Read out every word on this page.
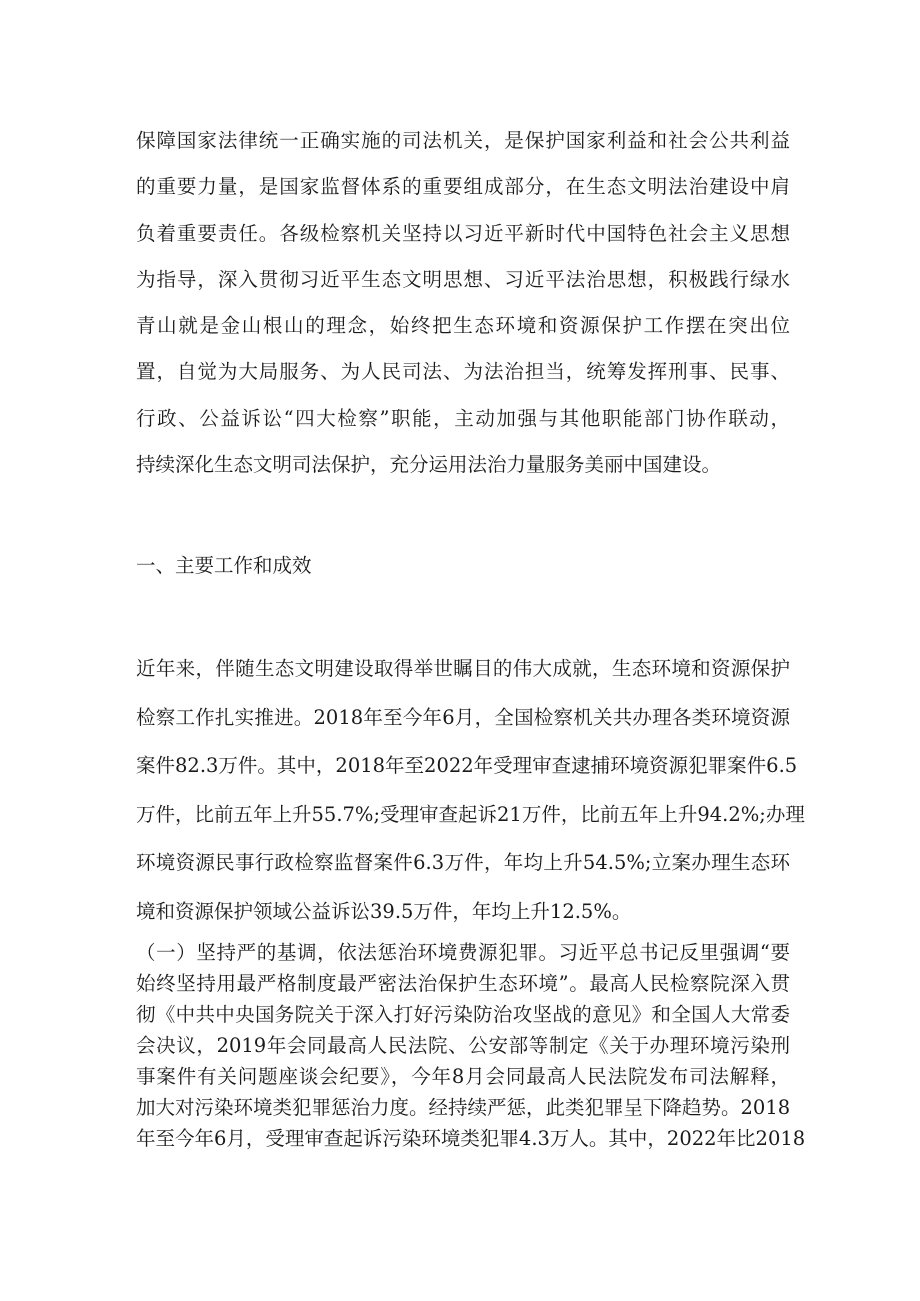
保障国家法律统一正确实施的司法机关，是保护国家利益和社会公共利益
的重要力量，是国家监督体系的重要组成部分，在生态文明法治建设中肩
负着重要责任。各级检察机关坚持以习近平新时代中国特色社会主义思想
为指导，深入贯彻习近平生态文明思想、习近平法治思想，积极践行绿水
青山就是金山根山的理念，始终把生态环境和资源保护工作摆在突出位
置，自觉为大局服务、为人民司法、为法治担当，统筹发挥刑事、民事、
行政、公益诉讼“四大检察”职能，主动加强与其他职能部门协作联动，
持续深化生态文明司法保护，充分运用法治力量服务美丽中国建设。
一、主要工作和成效
近年来，伴随生态文明建设取得举世瞩目的伟大成就，生态环境和资源保护
检察工作扎实推进。2018年至今年6月，全国检察机关共办理各类环境资源
案件82.3万件。其中，2018年至2022年受理审查逮捕环境资源犯罪案件6.5
万件，比前五年上升55.7%;受理审查起诉21万件，比前五年上升94.2%;办理
环境资源民事行政检察监督案件6.3万件，年均上升54.5%;立案办理生态环
境和资源保护领域公益诉讼39.5万件，年均上升12.5%。
（一）坚持严的基调，依法惩治环境费源犯罪。习近平总书记反里强调“要
始终坚持用最严格制度最严密法治保护生态环境”。最高人民检察院深入贯
彻《中共中央国务院关于深入打好污染防治攻坚战的意见》和全国人大常委
会决议，2019年会同最高人民法院、公安部等制定《关于办理环境污染刑
事案件有关问题座谈会纪要》，今年8月会同最高人民法院发布司法解释，
加大对污染环境类犯罪惩治力度。经持续严惩，此类犯罪呈下降趋势。2018
年至今年6月，受理审查起诉污染环境类犯罪4.3万人。其中，2022年比2018
